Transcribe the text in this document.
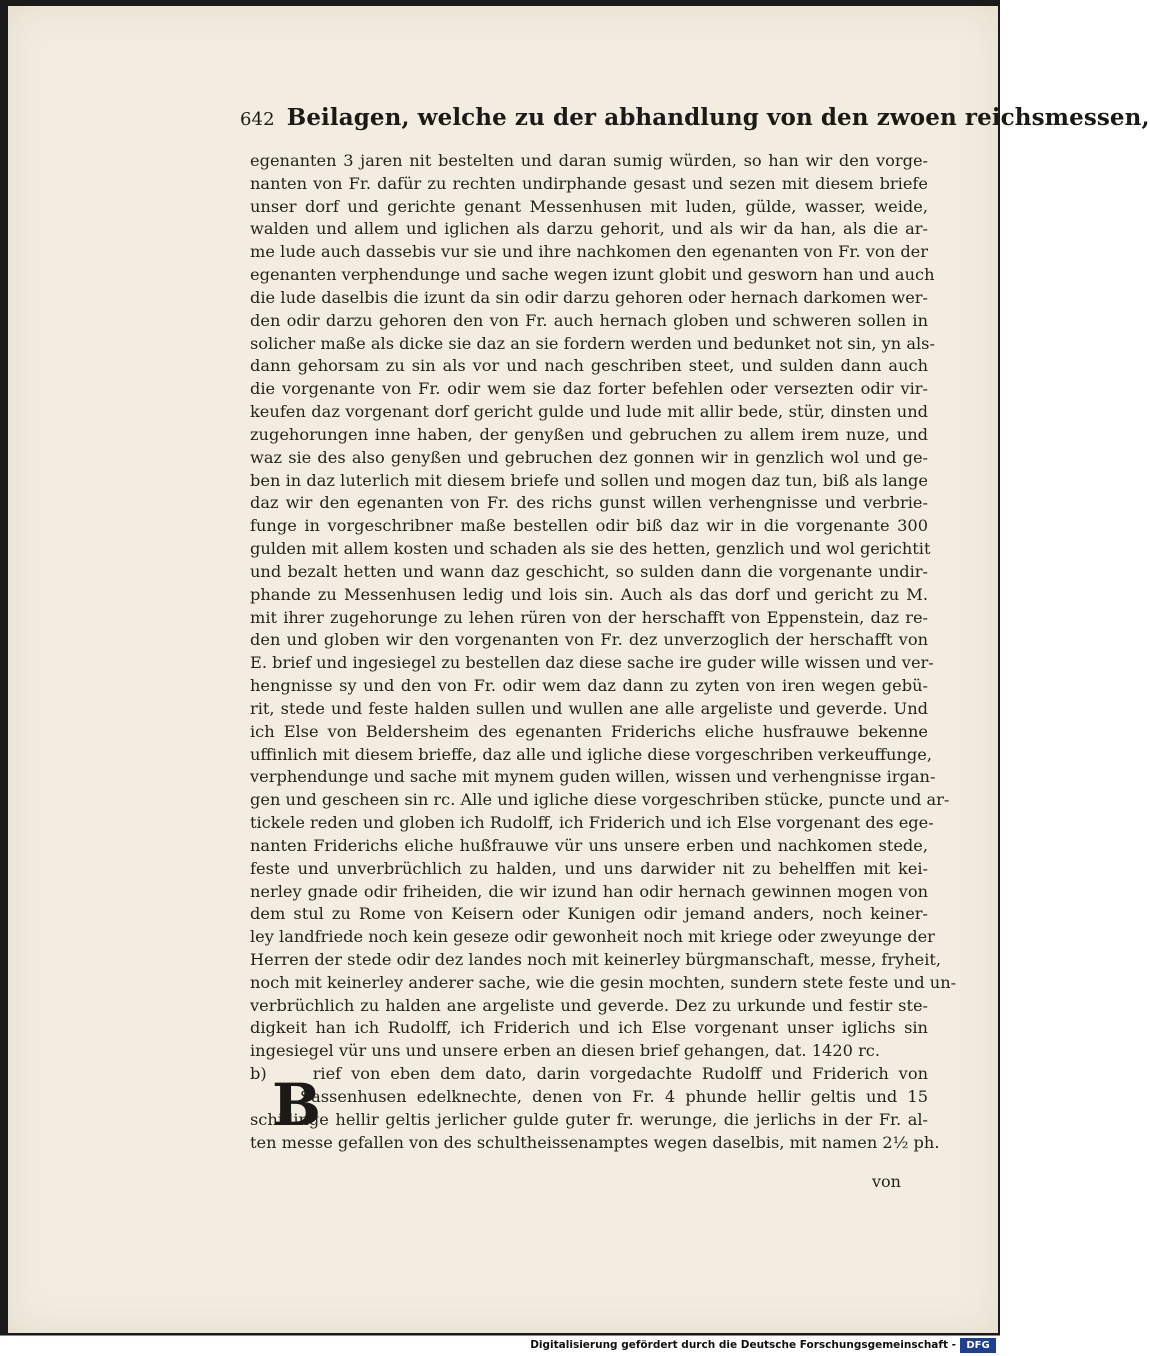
642 Beilagen, welche zu der abhandlung von den zwoen reichsmessen,
egenanten 3 jaren nit bestelten und daran sumig würden, so han wir den vorge-
nanten von Fr. dafür zu rechten undirphande gesast und sezen mit diesem briefe
unser dorf und gerichte genant Messenhusen mit luden, gülde, wasser, weide,
walden und allem und iglichen als darzu gehorit, und als wir da han, als die ar-
me lude auch dassebis vur sie und ihre nachkomen den egenanten von Fr. von der
egenanten verphendunge und sache wegen izunt globit und gesworn han und auch
die lude daselbis die izunt da sin odir darzu gehoren oder hernach darkomen wer-
den odir darzu gehoren den von Fr. auch hernach globen und schweren sollen in
solicher maße als dicke sie daz an sie fordern werden und bedunket not sin, yn als-
dann gehorsam zu sin als vor und nach geschriben steet, und sulden dann auch
die vorgenante von Fr. odir wem sie daz forter befehlen oder versezten odir vir-
keufen daz vorgenant dorf gericht gulde und lude mit allir bede, stür, dinsten und
zugehorungen inne haben, der genyßen und gebruchen zu allem irem nuze, und
waz sie des also genyßen und gebruchen dez gonnen wir in genzlich wol und ge-
ben in daz luterlich mit diesem briefe und sollen und mogen daz tun, biß als lange
daz wir den egenanten von Fr. des richs gunst willen verhengnisse und verbrie-
funge in vorgeschribner maße bestellen odir biß daz wir in die vorgenante 300
gulden mit allem kosten und schaden als sie des hetten, genzlich und wol gerichtit
und bezalt hetten und wann daz geschicht, so sulden dann die vorgenante undir-
phande zu Messenhusen ledig und lois sin. Auch als das dorf und gericht zu M.
mit ihrer zugehorunge zu lehen rüren von der herschafft von Eppenstein, daz re-
den und globen wir den vorgenanten von Fr. dez unverzoglich der herschafft von
E. brief und ingesiegel zu bestellen daz diese sache ire guder wille wissen und ver-
hengnisse sy und den von Fr. odir wem daz dann zu zyten von iren wegen gebü-
rit, stede und feste halden sullen und wullen ane alle argeliste und geverde. Und
ich Else von Beldersheim des egenanten Friderichs eliche husfrauwe bekenne
uffinlich mit diesem brieffe, daz alle und igliche diese vorgeschriben verkeuffunge,
verphendunge und sache mit mynem guden willen, wissen und verhengnisse irgan-
gen und gescheen sin rc. Alle und igliche diese vorgeschriben stücke, puncte und ar-
tickele reden und globen ich Rudolff, ich Friderich und ich Else vorgenant des ege-
nanten Friderichs eliche hußfrauwe vür uns unsere erben und nachkomen stede,
feste und unverbrüchlich zu halden, und uns darwider nit zu behelffen mit kei-
nerley gnade odir friheiden, die wir izund han odir hernach gewinnen mogen von
dem stul zu Rome von Keisern oder Kunigen odir jemand anders, noch keiner-
ley landfriede noch kein geseze odir gewonheit noch mit kriege oder zweyunge der
Herren der stede odir dez landes noch mit keinerley bürgmanschaft, messe, fryheit,
noch mit keinerley anderer sache, wie die gesin mochten, sundern stete feste und un-
verbrüchlich zu halden ane argeliste und geverde. Dez zu urkunde und festir ste-
digkeit han ich Rudolff, ich Friderich und ich Else vorgenant unser iglichs sin
ingesiegel vür uns und unsere erben an diesen brief gehangen, dat. 1420 rc.
b)	rief von eben dem dato, darin vorgedachte Rudolff und Friderich von
Sassenhusen edelknechte, denen von Fr. 4 phunde hellir geltis und 15
schillinge hellir geltis jerlicher gulde guter fr. werunge, die jerlichs in der Fr. al-
ten messe gefallen von des schultheissenamptes wegen daselbis, mit namen 2½ ph.
B
von
Digitalisierung gefördert durch die Deutsche Forschungsgemeinschaft -	DFG
